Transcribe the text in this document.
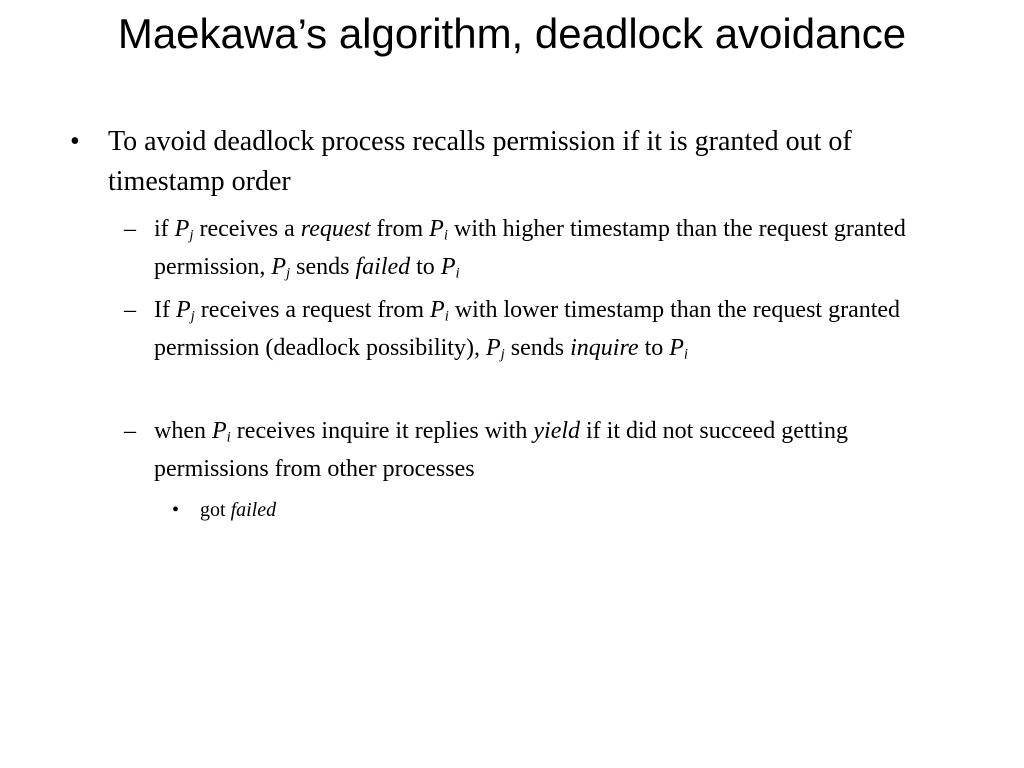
Maekawa’s algorithm, deadlock avoidance
• To avoid deadlock process recalls permission if it is granted out of timestamp order
– if $P_j$ receives a request from $P_i$ with higher timestamp than the request granted permission, $P_j$ sends failed to $P_i$
– If $P_j$ receives a request from $P_i$ with lower timestamp than the request granted permission (deadlock possibility), $P_j$ sends inquire to $P_i$
– when $P_i$ receives inquire it replies with yield if it did not succeed getting permissions from other processes
• got failed
